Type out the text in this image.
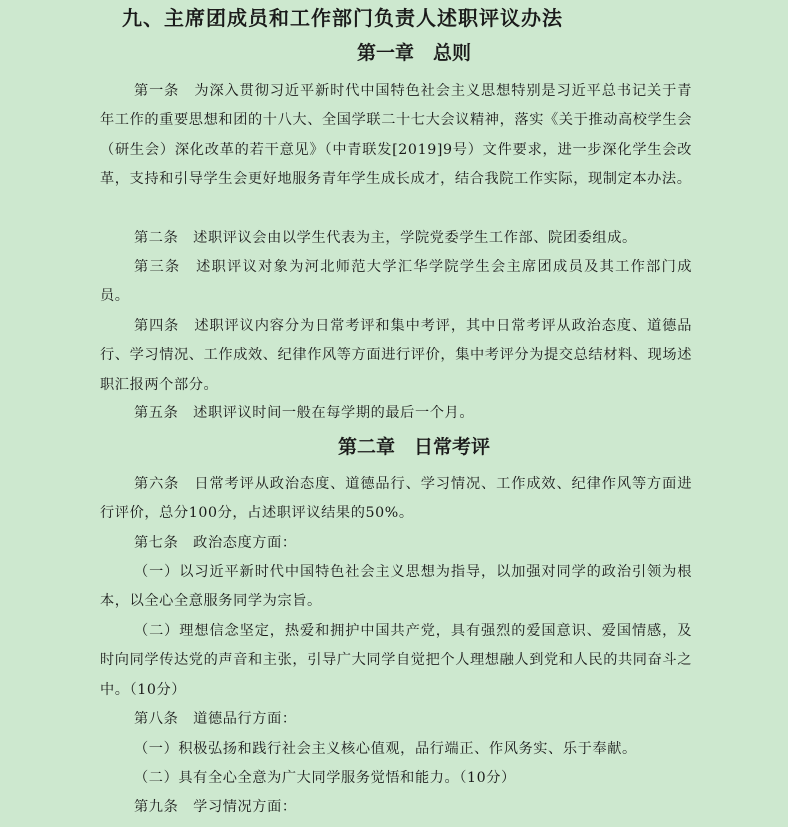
九、主席团成员和工作部门负责人述职评议办法
第一章　总则

第一条　为深入贯彻习近平新时代中国特色社会主义思想特别是习近平总书记关于青年工作的重要思想和团的十八大、全国学联二十七大会议精神，落实《关于推动高校学生会（研生会）深化改革的若干意见》（中青联发[2019]9号）文件要求，进一步深化学生会改革，支持和引导学生会更好地服务青年学生成长成才，结合我院工作实际，现制定本办法。

第二条　述职评议会由以学生代表为主，学院党委学生工作部、院团委组成。

第三条　述职评议对象为河北师范大学汇华学院学生会主席团成员及其工作部门成员。

第四条　述职评议内容分为日常考评和集中考评，其中日常考评从政治态度、道德品行、学习情况、工作成效、纪律作风等方面进行评价，集中考评分为提交总结材料、现场述职汇报两个部分。

第五条　述职评议时间一般在每学期的最后一个月。

第二章　日常考评

第六条　日常考评从政治态度、道德品行、学习情况、工作成效、纪律作风等方面进行评价，总分100分，占述职评议结果的50%。

第七条　政治态度方面：

（一）以习近平新时代中国特色社会主义思想为指导，以加强对同学的政治引领为根本，以全心全意服务同学为宗旨。

（二）理想信念坚定，热爱和拥护中国共产党，具有强烈的爱国意识、爱国情感，及时向同学传达党的声音和主张，引导广大同学自觉把个人理想融人到党和人民的共同奋斗之中。（10分）

第八条　道德品行方面：

（一）积极弘扬和践行社会主义核心值观，品行端正、作风务实、乐于奉献。

（二）具有全心全意为广大同学服务觉悟和能力。（10分）

第九条　学习情况方面：
